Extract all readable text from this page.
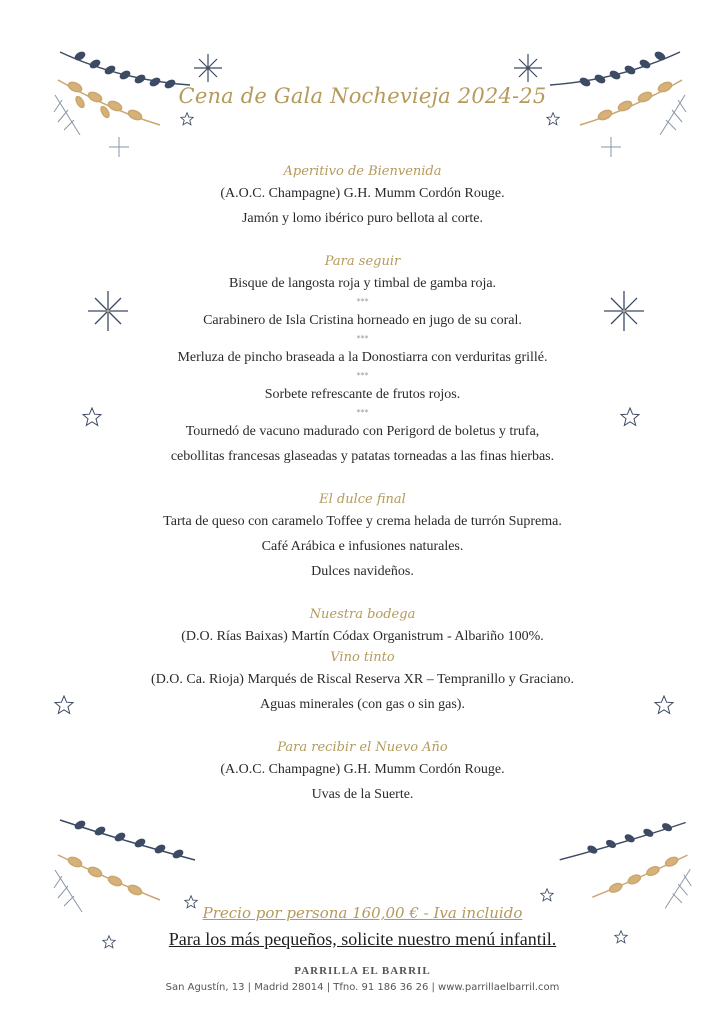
Cena de Gala Nochevieja 2024-25
Aperitivo de Bienvenida
(A.O.C. Champagne) G.H. Mumm Cordón Rouge.
Jamón y lomo ibérico puro bellota al corte.
Para seguir
Bisque de langosta roja y timbal de gamba roja.
***
Carabinero de Isla Cristina horneado en jugo de su coral.
***
Merluza de pincho braseada a la Donostiarra con verduritas grillé.
***
Sorbete refrescante de frutos rojos.
***
Tournedó de vacuno madurado con Perigord de boletus y trufa,
cebollitas francesas glaseadas y patatas torneadas a las finas hierbas.
El dulce final
Tarta de queso con caramelo Toffee y crema helada de turrón Suprema.
Café Arábica e infusiones naturales.
Dulces navideños.
Nuestra bodega
(D.O. Rías Baixas) Martín Códax Organistrum - Albariño 100%.
Vino tinto
(D.O. Ca. Rioja) Marqués de Riscal Reserva XR – Tempranillo y Graciano.
Aguas minerales (con gas o sin gas).
Para recibir el Nuevo Año
(A.O.C. Champagne) G.H. Mumm Cordón Rouge.
Uvas de la Suerte.
Precio por persona 160,00 € - Iva incluido
Para los más pequeños, solicite nuestro menú infantil.
PARRILLA EL BARRIL
San Agustín, 13 | Madrid 28014 | Tfno. 91 186 36 26 | www.parrillaelbarril.com
